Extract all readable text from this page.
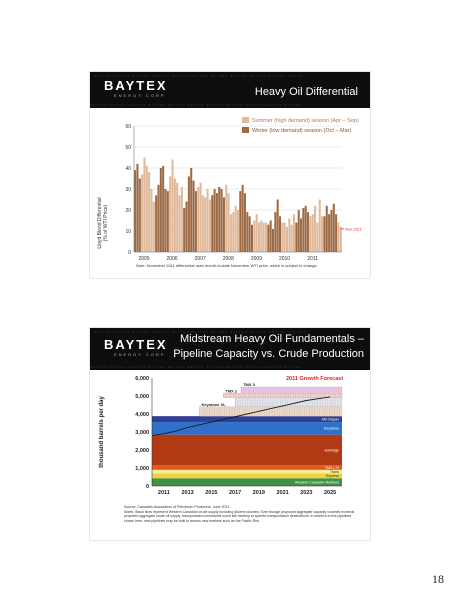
BAYTEX BAYTEX BAYTEX BAYTEX BAYTEX BAYTEX BAYTEX BAYTEX BAYTEX BAYTEX BAYTEX
BAYTEX BAYTEX BAYTEX BAYTEX BAYTEX BAYTEX BAYTEX BAYTEX BAYTEX BAYTEX BAYTEX
BAYTEX
ENERGY CORP	Heavy Oil Differential
Summer (high demand) season (Apr – Sep)
Winter (low demand) season (Oct – Mar)
Lloyd Blend Differential (% of WTI Price)
0
10
20
30
40
50
60
2005	2006	2007	2008	2009	2010	2011
Nov. 2011
Note: November 2011 differential uses month-to-date November WTI price, which is subject to change.
BAYTEX BAYTEX BAYTEX BAYTEX BAYTEX BAYTEX BAYTEX BAYTEX BAYTEX BAYTEX BAYTEX
BAYTEX BAYTEX BAYTEX BAYTEX BAYTEX BAYTEX BAYTEX BAYTEX BAYTEX BAYTEX BAYTEX
BAYTEX
ENERGY CORP
Midstream Heavy Oil Fundamentals –
Pipeline Capacity vs. Crude Production
thousand barrels per day
Western Canadian Refiners
Express
Trans
TMX I-IV
Enbridge
Keystone
Mil Clipper
Keystone XL
TMX 2
TMX 3
0
1,000
2,000
3,000
4,000
5,000
6,000
2011 2013 2015 2017 2019 2021 2023 2025
2011 Growth Forecast
Source: Canadian Association of Petroleum Producers, June 2011.
Notes: Stack lines represent Western Canadian crude supply including diluent volumes. Even though proposed aggregate capacity volumes exceeds projected aggregate crude oil supply, transportation constraints could still develop to specific transportation destinations. In addition to the pipelines shown here, new pipelines may be built to access new markets such as the Pacific Rim.
18
